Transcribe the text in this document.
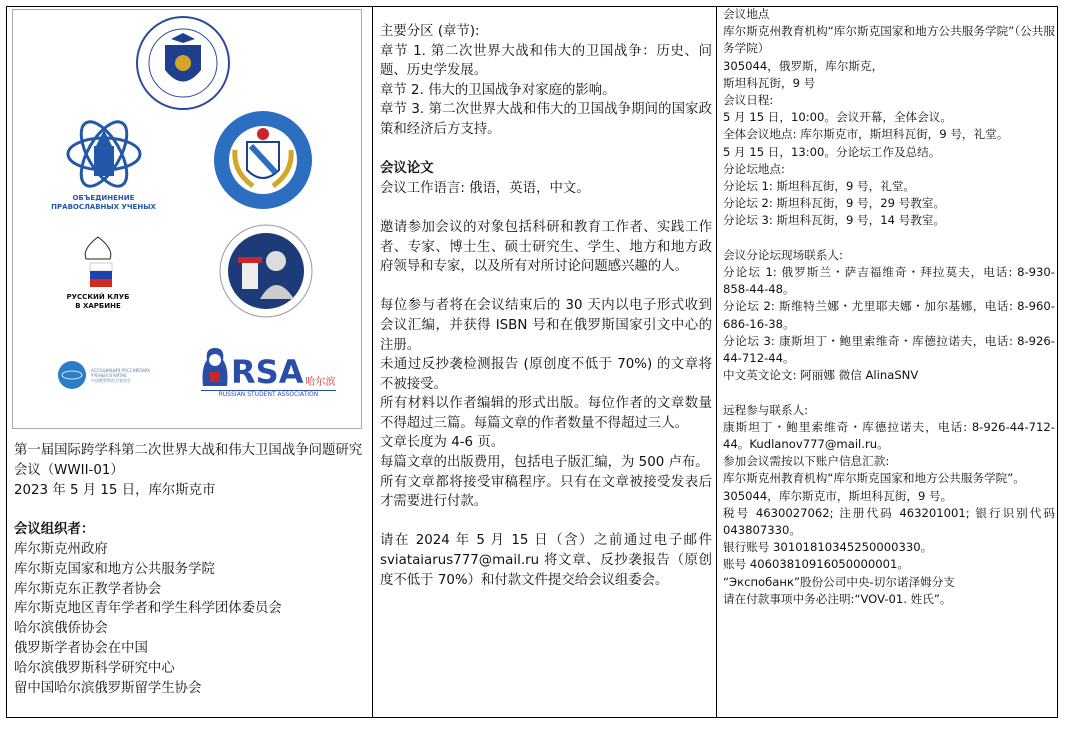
ОБЪЕДИНЕНИЕ ПРАВОСЛАВНЫХ УЧЕНЫХ
РУССКИЙ КЛУБ
В ХАРБИНЕ
АССОЦИАЦИЯ РОССИЙСКИХ УЧЕНЫХ В КИТАЕ
中国俄罗斯科学家协会	RSA 哈尔滨
RUSSIAN STUDENT ASSOCIATION

第一届国际跨学科第二次世界大战和伟大卫国战争问题研究会议（WWII-01）

2023 年 5 月 15 日，库尔斯克市

会议组织者：

库尔斯克州政府

库尔斯克国家和地方公共服务学院

库尔斯克东正教学者协会

库尔斯克地区青年学者和学生科学团体委员会

哈尔滨俄侨协会

俄罗斯学者协会在中国

哈尔滨俄罗斯科学研究中心

留中国哈尔滨俄罗斯留学生协会

主要分区 (章节):

章节 1. 第二次世界大战和伟大的卫国战争：历史、问题、历史学发展。

章节 2. 伟大的卫国战争对家庭的影响。

章节 3. 第二次世界大战和伟大的卫国战争期间的国家政策和经济后方支持。

会议论文

会议工作语言: 俄语，英语，中文。

邀请参加会议的对象包括科研和教育工作者、实践工作者、专家、博士生、硕士研究生、学生、地方和地方政府领导和专家，以及所有对所讨论问题感兴趣的人。

每位参与者将在会议结束后的 30 天内以电子形式收到会议汇编，并获得 ISBN 号和在俄罗斯国家引文中心的注册。

未通过反抄袭检测报告 (原创度不低于 70%) 的文章将不被接受。

所有材料以作者编辑的形式出版。每位作者的文章数量不得超过三篇。每篇文章的作者数量不得超过三人。

文章长度为 4-6 页。

每篇文章的出版费用，包括电子版汇编，为 500 卢布。

所有文章都将接受审稿程序。只有在文章被接受发表后才需要进行付款。

请在 2024 年 5 月 15 日（含）之前通过电子邮件 sviataiarus777@mail.ru 将文章、反抄袭报告（原创度不低于 70%）和付款文件提交给会议组委会。

会议地点

库尔斯克州教育机构“库尔斯克国家和地方公共服务学院”（公共服务学院）

305044，俄罗斯，库尔斯克，

斯坦科瓦街，9 号

会议日程:

5 月 15 日，10:00。会议开幕，全体会议。

全体会议地点: 库尔斯克市，斯坦科瓦街，9 号，礼堂。

5 月 15 日，13:00。分论坛工作及总结。

分论坛地点:

分论坛 1: 斯坦科瓦街，9 号，礼堂。

分论坛 2: 斯坦科瓦街，9 号，29 号教室。

分论坛 3: 斯坦科瓦街，9 号，14 号教室。

会议分论坛现场联系人:

分论坛 1: 俄罗斯兰・萨吉福维奇・拜拉莫夫，电话: 8-930-858-44-48。

分论坛 2: 斯维特兰娜・尤里耶夫娜・加尔基娜，电话: 8-960-686-16-38。

分论坛 3: 康斯坦丁・鲍里索维奇・库德拉诺夫，电话: 8-926-44-712-44。

中文英文论文: 阿丽娜 微信 AlinaSNV

远程参与联系人:

康斯坦丁・鲍里索维奇・库德拉诺夫，电话: 8-926-44-712-44。Kudlanov777@mail.ru。

参加会议需按以下账户信息汇款:

库尔斯克州教育机构“库尔斯克国家和地方公共服务学院”。

305044，库尔斯克市，斯坦科瓦街，9 号。

税号 4630027062; 注册代码 463201001; 银行识别代码 043807330。

银行账号 30101810345250000330。

账号 40603810916050000001。

“Экспобанк”股份公司中央-切尔诺泽姆分支

请在付款事项中务必注明:“VOV-01. 姓氏”。
